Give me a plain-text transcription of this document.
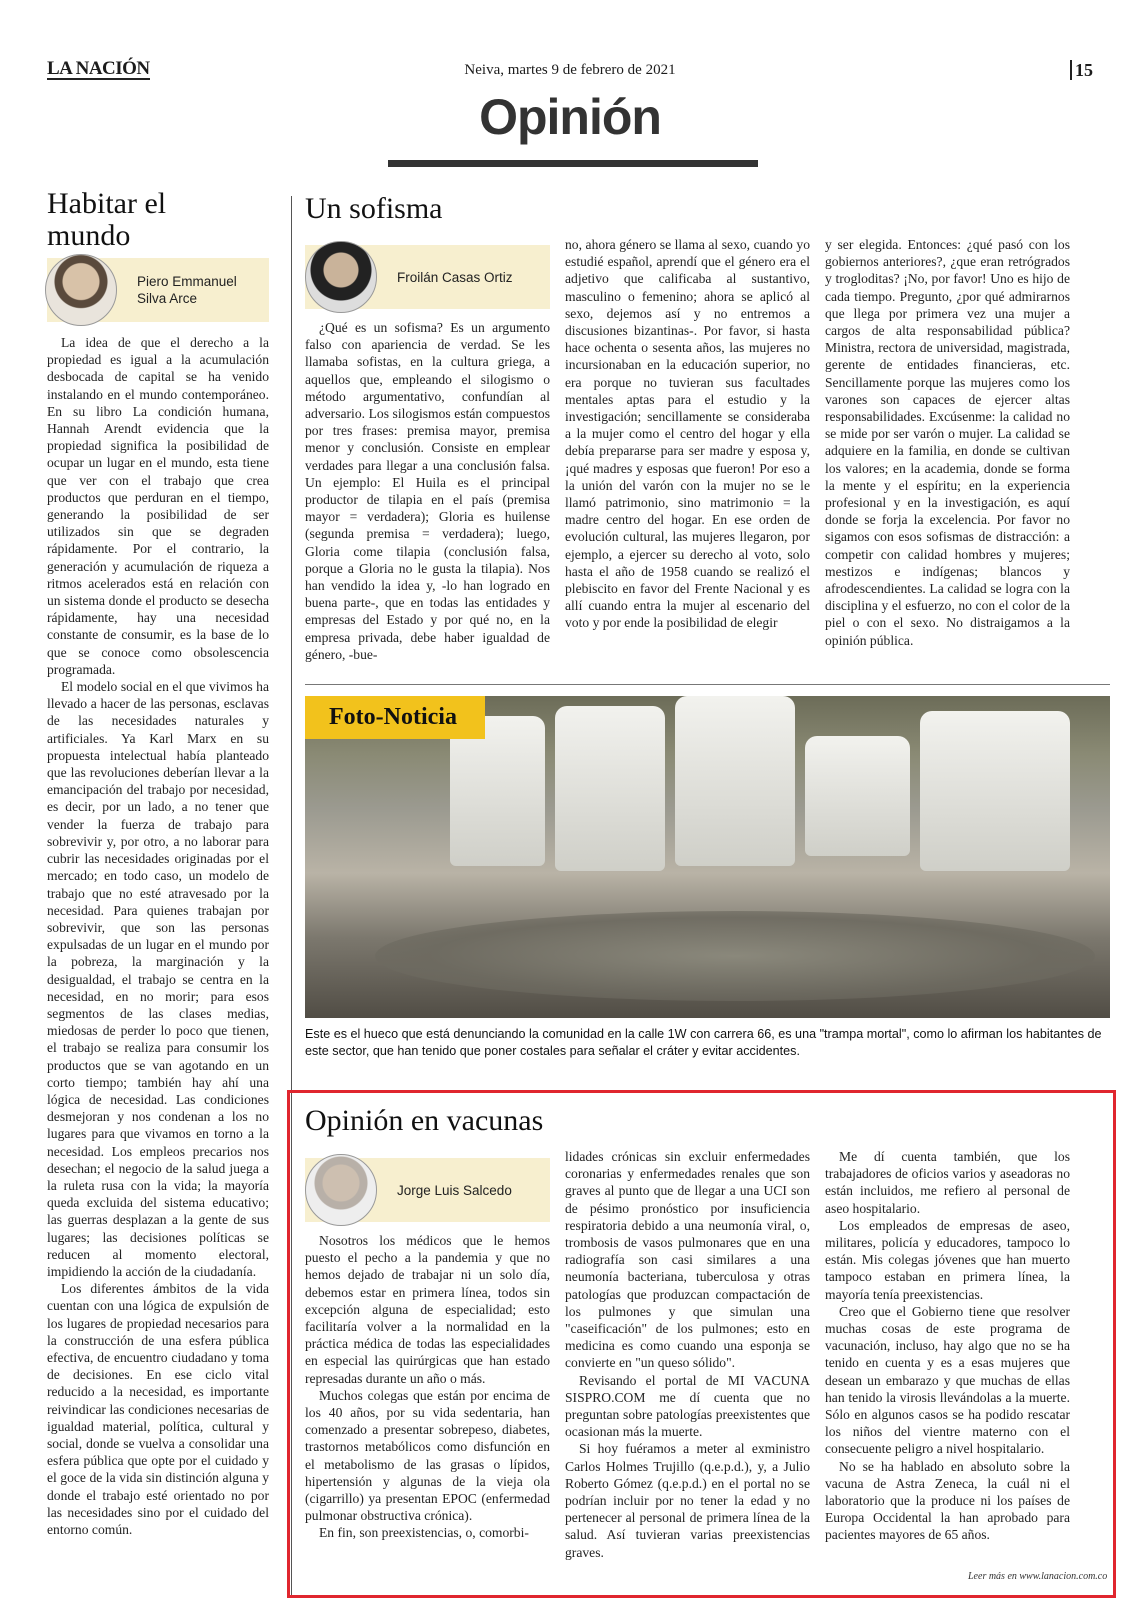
LA NACIÓN	Neiva, martes 9 de febrero de 2021	15
Opinión
Habitar el mundo
Piero Emmanuel Silva Arce

La idea de que el derecho a la propiedad es igual a la acumulación desbocada de capital se ha venido instalando en el mundo contemporáneo. En su libro La condición humana, Hannah Arendt evidencia que la propiedad significa la posibilidad de ocupar un lugar en el mundo, esta tiene que ver con el trabajo que crea productos que perduran en el tiempo, generando la posibilidad de ser utilizados sin que se degraden rápidamente. Por el contrario, la generación y acumulación de riqueza a ritmos acelerados está en relación con un sistema donde el producto se desecha rápidamente, hay una necesidad constante de consumir, es la base de lo que se conoce como obsolescencia programada.

El modelo social en el que vivimos ha llevado a hacer de las personas, esclavas de las necesidades naturales y artificiales. Ya Karl Marx en su propuesta intelectual había planteado que las revoluciones deberían llevar a la emancipación del trabajo por necesidad, es decir, por un lado, a no tener que vender la fuerza de trabajo para sobrevivir y, por otro, a no laborar para cubrir las necesidades originadas por el mercado; en todo caso, un modelo de trabajo que no esté atravesado por la necesidad. Para quienes trabajan por sobrevivir, que son las personas expulsadas de un lugar en el mundo por la pobreza, la marginación y la desigualdad, el trabajo se centra en la necesidad, en no morir; para esos segmentos de las clases medias, miedosas de perder lo poco que tienen, el trabajo se realiza para consumir los productos que se van agotando en un corto tiempo; también hay ahí una lógica de necesidad. Las condiciones desmejoran y nos condenan a los no lugares para que vivamos en torno a la necesidad. Los empleos precarios nos desechan; el negocio de la salud juega a la ruleta rusa con la vida; la mayoría queda excluida del sistema educativo; las guerras desplazan a la gente de sus lugares; las decisiones políticas se reducen al momento electoral, impidiendo la acción de la ciudadanía.

Los diferentes ámbitos de la vida cuentan con una lógica de expulsión de los lugares de propiedad necesarios para la construcción de una esfera pública efectiva, de encuentro ciudadano y toma de decisiones. En ese ciclo vital reducido a la necesidad, es importante reivindicar las condiciones necesarias de igualdad material, política, cultural y social, donde se vuelva a consolidar una esfera pública que opte por el cuidado y el goce de la vida sin distinción alguna y donde el trabajo esté orientado no por las necesidades sino por el cuidado del entorno común.

Un sofisma
Froilán Casas Ortiz

¿Qué es un sofisma? Es un argumento falso con apariencia de verdad. Se les llamaba sofistas, en la cultura griega, a aquellos que, empleando el silogismo o método argumentativo, confundían al adversario. Los silogismos están compuestos por tres frases: premisa mayor, premisa menor y conclusión. Consiste en emplear verdades para llegar a una conclusión falsa. Un ejemplo: El Huila es el principal productor de tilapia en el país (premisa mayor = verdadera); Gloria es huilense (segunda premisa = verdadera); luego, Gloria come tilapia (conclusión falsa, porque a Gloria no le gusta la tilapia). Nos han vendido la idea y, -lo han logrado en buena parte-, que en todas las entidades y empresas del Estado y por qué no, en la empresa privada, debe haber igualdad de género, -bue-

no, ahora género se llama al sexo, cuando yo estudié español, aprendí que el género era el adjetivo que calificaba al sustantivo, masculino o femenino; ahora se aplicó al sexo, dejemos así y no entremos a discusiones bizantinas-. Por favor, si hasta hace ochenta o sesenta años, las mujeres no incursionaban en la educación superior, no era porque no tuvieran sus facultades mentales aptas para el estudio y la investigación; sencillamente se consideraba a la mujer como el centro del hogar y ella debía prepararse para ser madre y esposa y, ¡qué madres y esposas que fueron! Por eso a la unión del varón con la mujer no se le llamó patrimonio, sino matrimonio = la madre centro del hogar. En ese orden de evolución cultural, las mujeres llegaron, por ejemplo, a ejercer su derecho al voto, solo hasta el año de 1958 cuando se realizó el plebiscito en favor del Frente Nacional y es allí cuando entra la mujer al escenario del voto y por ende la posibilidad de elegir

y ser elegida. Entonces: ¿qué pasó con los gobiernos anteriores?, ¿que eran retrógrados y trogloditas? ¡No, por favor! Uno es hijo de cada tiempo. Pregunto, ¿por qué admirarnos que llega por primera vez una mujer a cargos de alta responsabilidad pública? Ministra, rectora de universidad, magistrada, gerente de entidades financieras, etc. Sencillamente porque las mujeres como los varones son capaces de ejercer altas responsabilidades. Excúsenme: la calidad no se mide por ser varón o mujer. La calidad se adquiere en la familia, en donde se cultivan los valores; en la academia, donde se forma la mente y el espíritu; en la experiencia profesional y en la investigación, es aquí donde se forja la excelencia. Por favor no sigamos con esos sofismas de distracción: a competir con calidad hombres y mujeres; mestizos e indígenas; blancos y afrodescendientes. La calidad se logra con la disciplina y el esfuerzo, no con el color de la piel o con el sexo. No distraigamos a la opinión pública.

Foto-Noticia
Este es el hueco que está denunciando la comunidad en la calle 1W con carrera 66, es una "trampa mortal", como lo afirman los habitantes de este sector, que han tenido que poner costales para señalar el cráter y evitar accidentes.
Opinión en vacunas
Jorge Luis Salcedo

Nosotros los médicos que le hemos puesto el pecho a la pandemia y que no hemos dejado de trabajar ni un solo día, debemos estar en primera línea, todos sin excepción alguna de especialidad; esto facilitaría volver a la normalidad en la práctica médica de todas las especialidades en especial las quirúrgicas que han estado represadas durante un año o más.

Muchos colegas que están por encima de los 40 años, por su vida sedentaria, han comenzado a presentar sobrepeso, diabetes, trastornos metabólicos como disfunción en el metabolismo de las grasas o lípidos, hipertensión y algunas de la vieja ola (cigarrillo) ya presentan EPOC (enfermedad pulmonar obstructiva crónica).

En fin, son preexistencias, o, comorbi-

lidades crónicas sin excluir enfermedades coronarias y enfermedades renales que son graves al punto que de llegar a una UCI son de pésimo pronóstico por insuficiencia respiratoria debido a una neumonía viral, o, trombosis de vasos pulmonares que en una radiografía son casi similares a una neumonía bacteriana, tuberculosa y otras patologías que produzcan compactación de los pulmones y que simulan una "caseificación" de los pulmones; esto en medicina es como cuando una esponja se convierte en "un queso sólido".

Revisando el portal de MI VACUNA SISPRO.COM me dí cuenta que no preguntan sobre patologías preexistentes que ocasionan más la muerte.

Si hoy fuéramos a meter al exministro Carlos Holmes Trujillo (q.e.p.d.), y, a Julio Roberto Gómez (q.e.p.d.) en el portal no se podrían incluir por no tener la edad y no pertenecer al personal de primera línea de la salud. Así tuvieran varias preexistencias graves.

Me dí cuenta también, que los trabajadores de oficios varios y aseadoras no están incluidos, me refiero al personal de aseo hospitalario.

Los empleados de empresas de aseo, militares, policía y educadores, tampoco lo están. Mis colegas jóvenes que han muerto tampoco estaban en primera línea, la mayoría tenía preexistencias.

Creo que el Gobierno tiene que resolver muchas cosas de este programa de vacunación, incluso, hay algo que no se ha tenido en cuenta y es a esas mujeres que desean un embarazo y que muchas de ellas han tenido la virosis llevándolas a la muerte. Sólo en algunos casos se ha podido rescatar los niños del vientre materno con el consecuente peligro a nivel hospitalario.

No se ha hablado en absoluto sobre la vacuna de Astra Zeneca, la cuál ni el laboratorio que la produce ni los países de Europa Occidental la han aprobado para pacientes mayores de 65 años.

Leer más en www.lanacion.com.co
